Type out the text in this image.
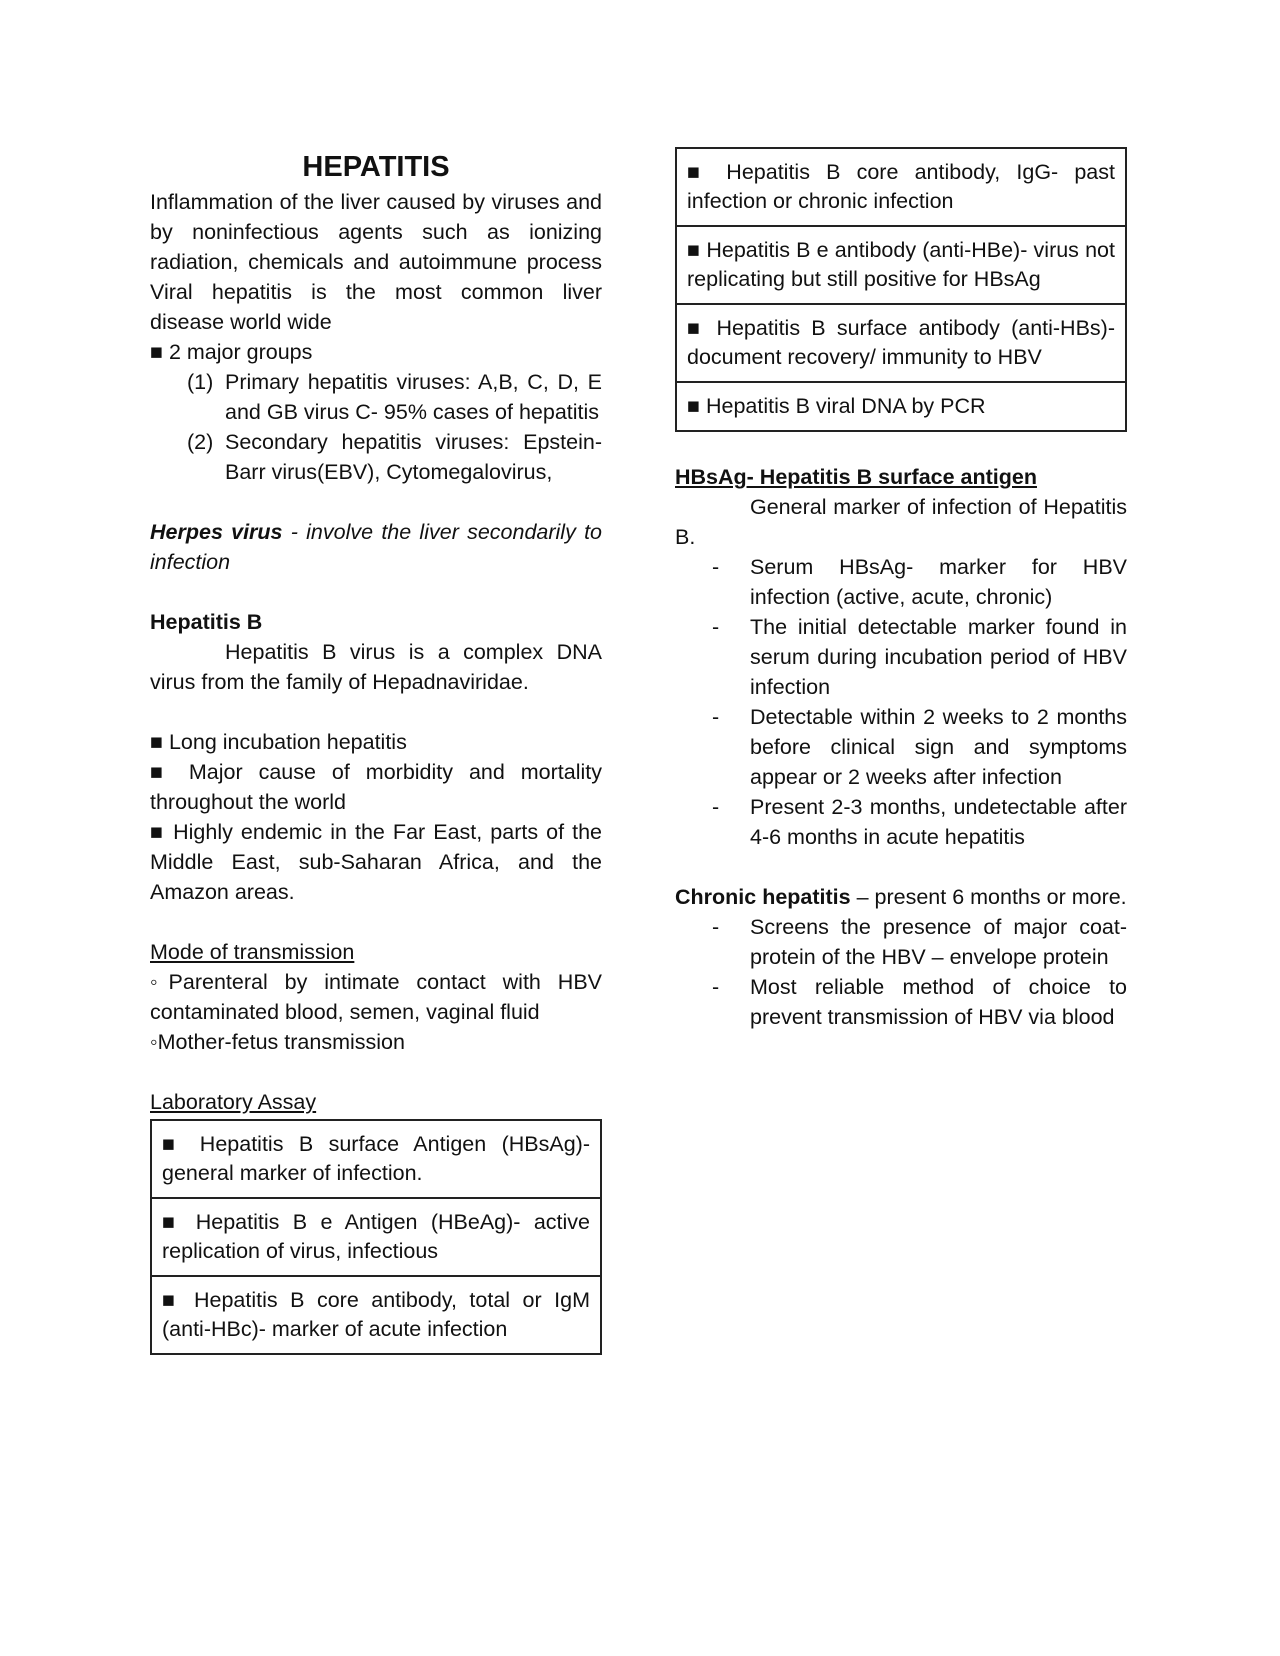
HEPATITIS

Inflammation of the liver caused by viruses and by noninfectious agents such as ionizing radiation, chemicals and autoimmune process Viral hepatitis is the most common liver disease world wide

■ 2 major groups

(1) Primary hepatitis viruses: A,B, C, D, E and GB virus C- 95% cases of hepatitis
(2) Secondary hepatitis viruses: Epstein-Barr virus(EBV), Cytomegalovirus,

Herpes virus - involve the liver secondarily to infection

Hepatitis B

Hepatitis B virus is a complex DNA virus from the family of Hepadnaviridae.

■ Long incubation hepatitis

■ Major cause of morbidity and mortality throughout the world

■ Highly endemic in the Far East, parts of the Middle East, sub-Saharan Africa, and the Amazon areas.

Mode of transmission

◦Parenteral by intimate contact with HBV contaminated blood, semen, vaginal fluid

◦Mother-fetus transmission

Laboratory Assay

■ Hepatitis B surface Antigen (HBsAg)- general marker of infection.
■ Hepatitis B e Antigen (HBeAg)- active replication of virus, infectious
■ Hepatitis B core antibody, total or IgM (anti-HBc)- marker of acute infection
■ Hepatitis B core antibody, IgG- past infection or chronic infection
■ Hepatitis B e antibody (anti-HBe)- virus not replicating but still positive for HBsAg
■ Hepatitis B surface antibody (anti-HBs)- document recovery/ immunity to HBV
■ Hepatitis B viral DNA by PCR

HBsAg- Hepatitis B surface antigen

General marker of infection of Hepatitis B.

-	Serum HBsAg- marker for HBV infection (active, acute, chronic)
-	The initial detectable marker found in serum during incubation period of HBV infection
-	Detectable within 2 weeks to 2 months before clinical sign and symptoms appear or 2 weeks after infection
-	Present 2-3 months, undetectable after 4-6 months in acute hepatitis

Chronic hepatitis – present 6 months or more.

-	Screens the presence of major coat-protein of the HBV – envelope protein
-	Most reliable method of choice to prevent transmission of HBV via blood
